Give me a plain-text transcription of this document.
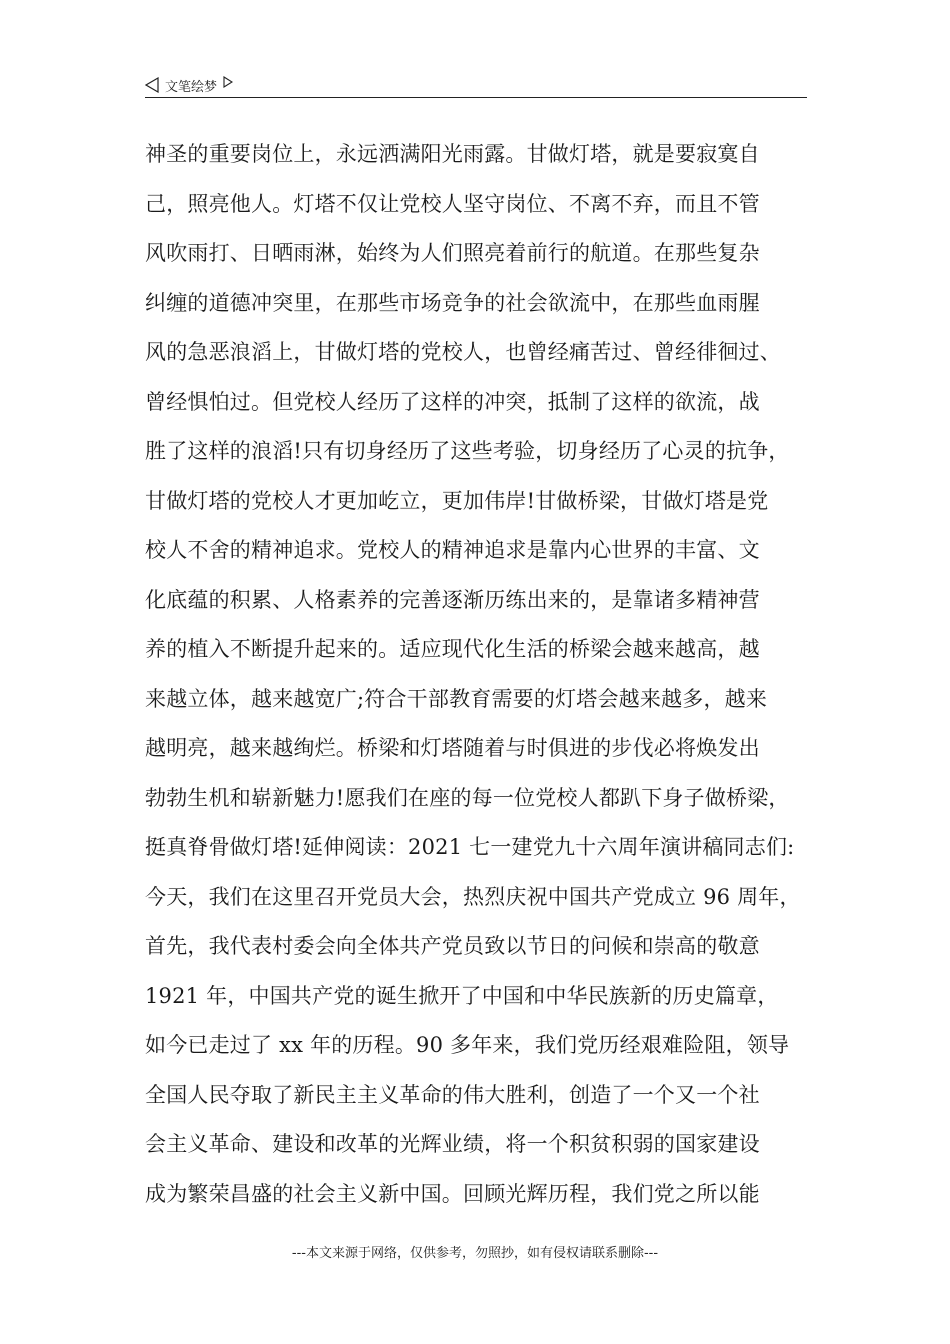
文笔绘梦
神圣的重要岗位上，永远洒满阳光雨露。甘做灯塔，就是要寂寞自
己，照亮他人。灯塔不仅让党校人坚守岗位、不离不弃，而且不管
风吹雨打、日晒雨淋，始终为人们照亮着前行的航道。在那些复杂
纠缠的道德冲突里，在那些市场竞争的社会欲流中，在那些血雨腥
风的急恶浪滔上，甘做灯塔的党校人，也曾经痛苦过、曾经徘徊过、
曾经惧怕过。但党校人经历了这样的冲突，抵制了这样的欲流，战
胜了这样的浪滔!只有切身经历了这些考验，切身经历了心灵的抗争，
甘做灯塔的党校人才更加屹立，更加伟岸!甘做桥梁，甘做灯塔是党
校人不舍的精神追求。党校人的精神追求是靠内心世界的丰富、文
化底蕴的积累、人格素养的完善逐渐历练出来的，是靠诸多精神营
养的植入不断提升起来的。适应现代化生活的桥梁会越来越高，越
来越立体，越来越宽广;符合干部教育需要的灯塔会越来越多，越来
越明亮，越来越绚烂。桥梁和灯塔随着与时俱进的步伐必将焕发出
勃勃生机和崭新魅力!愿我们在座的每一位党校人都趴下身子做桥梁，
挺真脊骨做灯塔!延伸阅读：2021 七一建党九十六周年演讲稿同志们:
今天，我们在这里召开党员大会，热烈庆祝中国共产党成立 96 周年，
首先，我代表村委会向全体共产党员致以节日的问候和崇高的敬意
1921 年，中国共产党的诞生掀开了中国和中华民族新的历史篇章，
如今已走过了 xx 年的历程。90 多年来，我们党历经艰难险阻，领导
全国人民夺取了新民主主义革命的伟大胜利，创造了一个又一个社
会主义革命、建设和改革的光辉业绩，将一个积贫积弱的国家建设
成为繁荣昌盛的社会主义新中国。回顾光辉历程，我们党之所以能
---本文来源于网络，仅供参考，勿照抄，如有侵权请联系删除---
